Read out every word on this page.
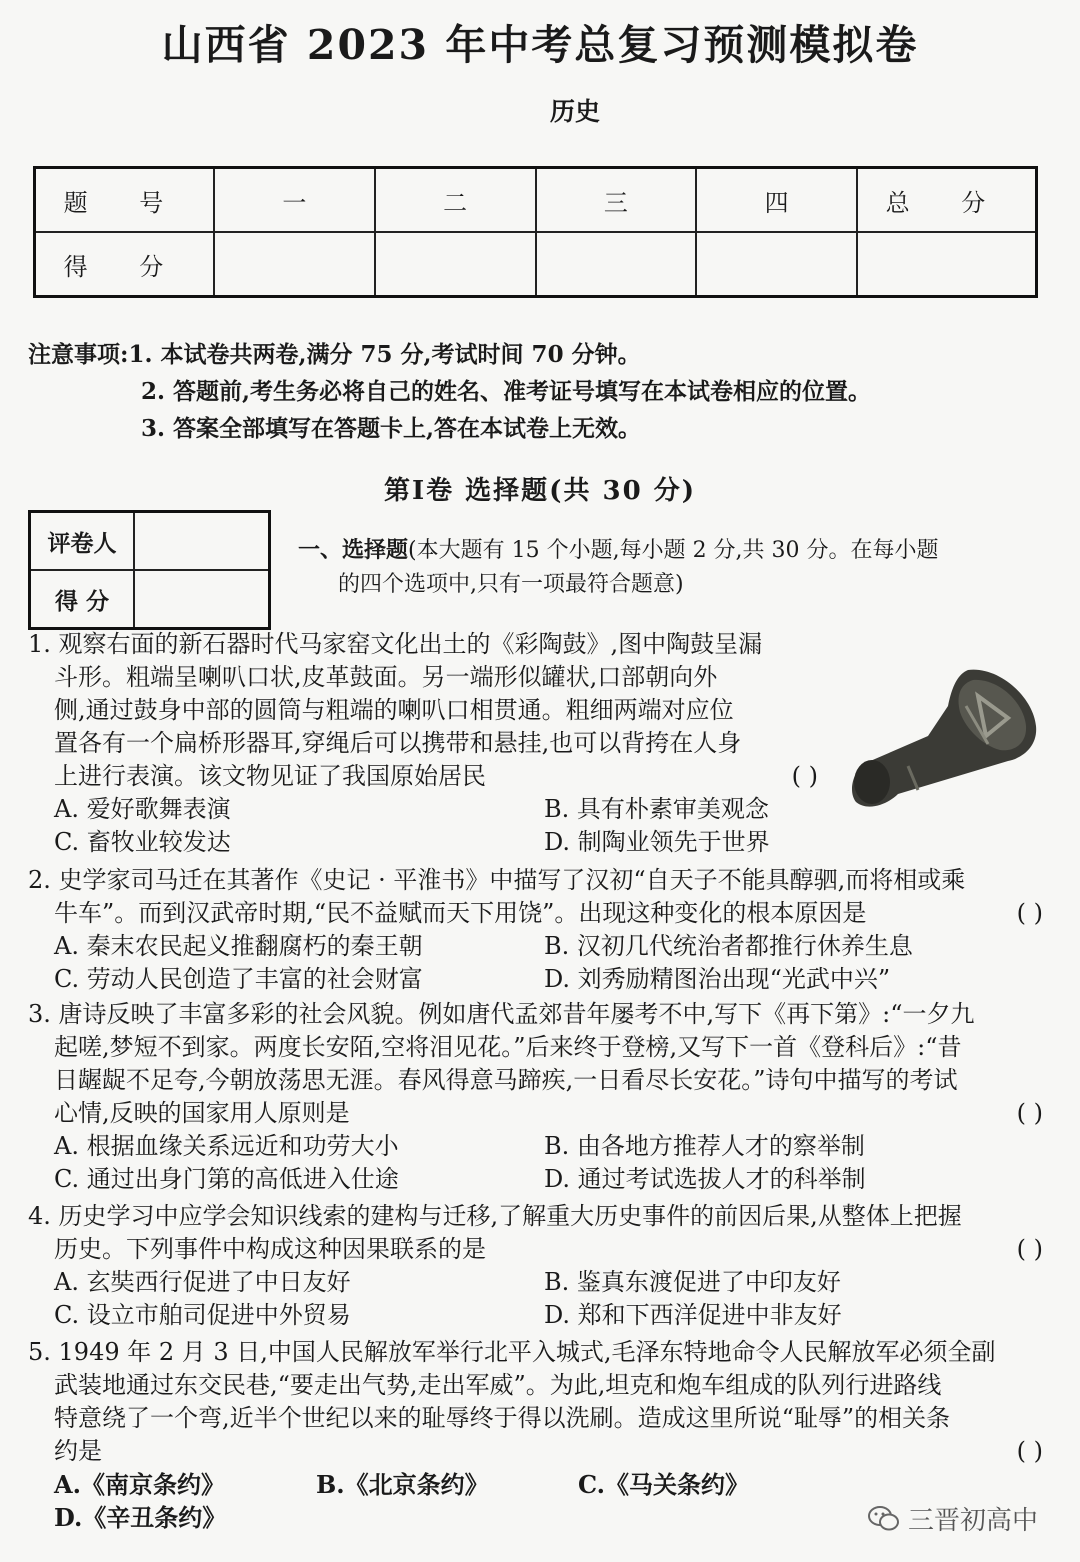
山西省 2023 年中考总复习预测模拟卷
历史
题 号	一	二	三	四	总 分
得 分					
注意事项:1. 本试卷共两卷,满分 75 分,考试时间 70 分钟。
2. 答题前,考生务必将自己的姓名、准考证号填写在本试卷相应的位置。
3. 答案全部填写在答题卡上,答在本试卷上无效。
第Ⅰ卷 选择题(共 30 分)
评卷人	
得 分	
一、选择题(本大题有 15 个小题,每小题 2 分,共 30 分。在每小题
的四个选项中,只有一项最符合题意)
1. 观察右面的新石器时代马家窑文化出土的《彩陶鼓》,图中陶鼓呈漏
斗形。粗端呈喇叭口状,皮革鼓面。另一端形似罐状,口部朝向外
侧,通过鼓身中部的圆筒与粗端的喇叭口相贯通。粗细两端对应位
置各有一个扁桥形器耳,穿绳后可以携带和悬挂,也可以背挎在人身
上进行表演。该文物见证了我国原始居民	( )
A. 爱好歌舞表演	B. 具有朴素审美观念
C. 畜牧业较发达	D. 制陶业领先于世界
2. 史学家司马迁在其著作《史记 · 平淮书》中描写了汉初“自天子不能具醇驷,而将相或乘
牛车”。而到汉武帝时期,“民不益赋而天下用饶”。出现这种变化的根本原因是	( )
A. 秦末农民起义推翻腐朽的秦王朝	B. 汉初几代统治者都推行休养生息
C. 劳动人民创造了丰富的社会财富	D. 刘秀励精图治出现“光武中兴”
3. 唐诗反映了丰富多彩的社会风貌。例如唐代孟郊昔年屡考不中,写下《再下第》:“一夕九
起嗟,梦短不到家。两度长安陌,空将泪见花。”后来终于登榜,又写下一首《登科后》:“昔
日龌龊不足夸,今朝放荡思无涯。春风得意马蹄疾,一日看尽长安花。”诗句中描写的考试
心情,反映的国家用人原则是	( )
A. 根据血缘关系远近和功劳大小	B. 由各地方推荐人才的察举制
C. 通过出身门第的高低进入仕途	D. 通过考试选拔人才的科举制
4. 历史学习中应学会知识线索的建构与迁移,了解重大历史事件的前因后果,从整体上把握
历史。下列事件中构成这种因果联系的是	( )
A. 玄奘西行促进了中日友好	B. 鉴真东渡促进了中印友好
C. 设立市舶司促进中外贸易	D. 郑和下西洋促进中非友好
5. 1949 年 2 月 3 日,中国人民解放军举行北平入城式,毛泽东特地命令人民解放军必须全副
武装地通过东交民巷,“要走出气势,走出军威”。为此,坦克和炮车组成的队列行进路线
特意绕了一个弯,近半个世纪以来的耻辱终于得以洗刷。造成这里所说“耻辱”的相关条
约是	( )
A.《南京条约》	B.《北京条约》	C.《马关条约》
D.《辛丑条约》	三晋初高中
